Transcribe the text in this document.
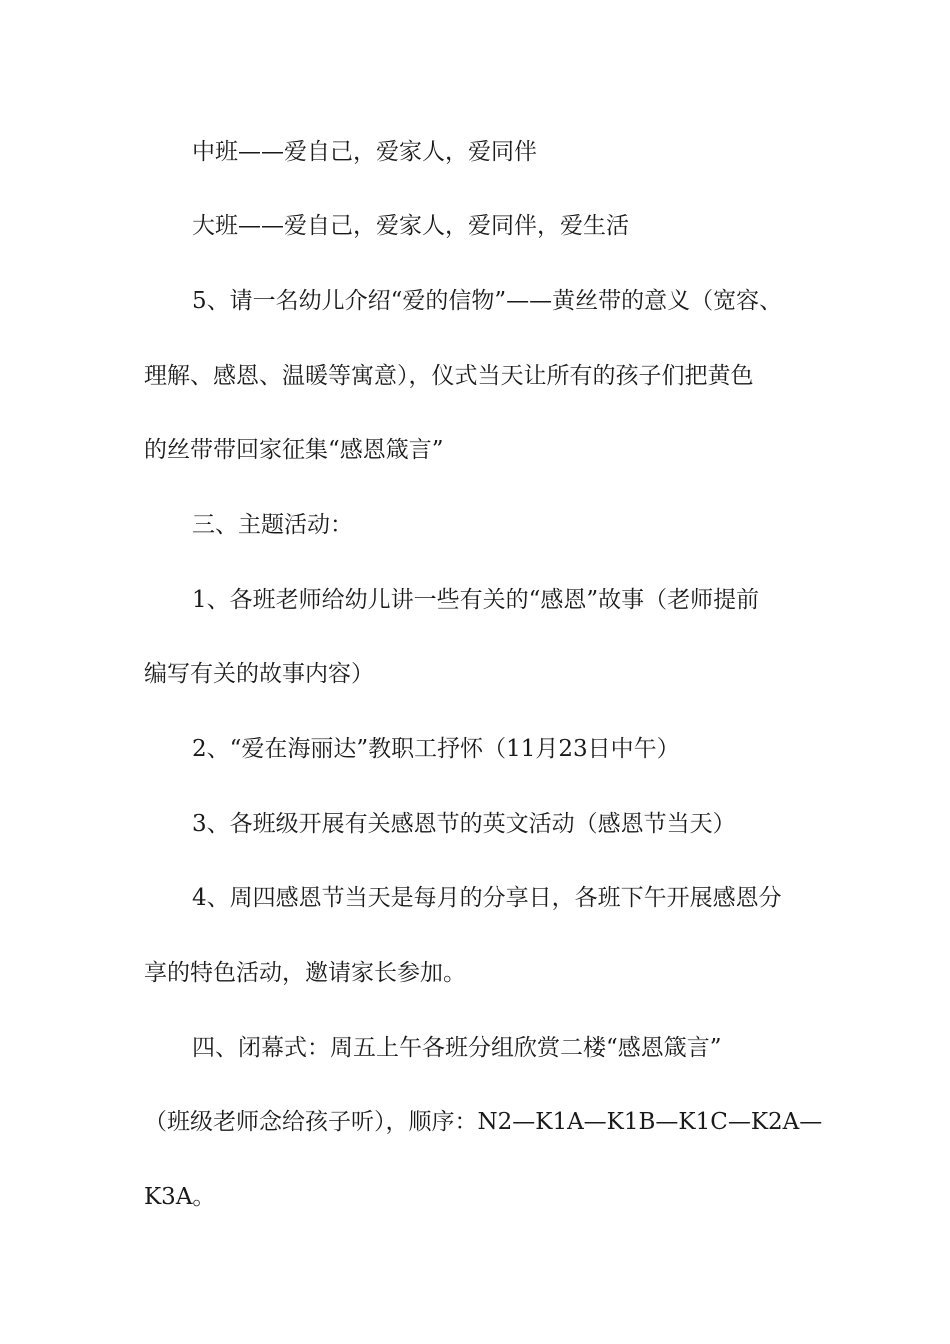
中班——爱自己，爱家人，爱同伴
大班——爱自己，爱家人，爱同伴，爱生活
5、请一名幼儿介绍“爱的信物”——黄丝带的意义（宽容、
理解、感恩、温暖等寓意），仪式当天让所有的孩子们把黄色
的丝带带回家征集“感恩箴言”
三、主题活动：
1、各班老师给幼儿讲一些有关的“感恩”故事（老师提前
编写有关的故事内容）
2、“爱在海丽达”教职工抒怀（11月23日中午）
3、各班级开展有关感恩节的英文活动（感恩节当天）
4、周四感恩节当天是每月的分享日，各班下午开展感恩分
享的特色活动，邀请家长参加。
四、闭幕式：周五上午各班分组欣赏二楼“感恩箴言”
（班级老师念给孩子听），顺序：N2—K1A—K1B—K1C—K2A—
K3A。
